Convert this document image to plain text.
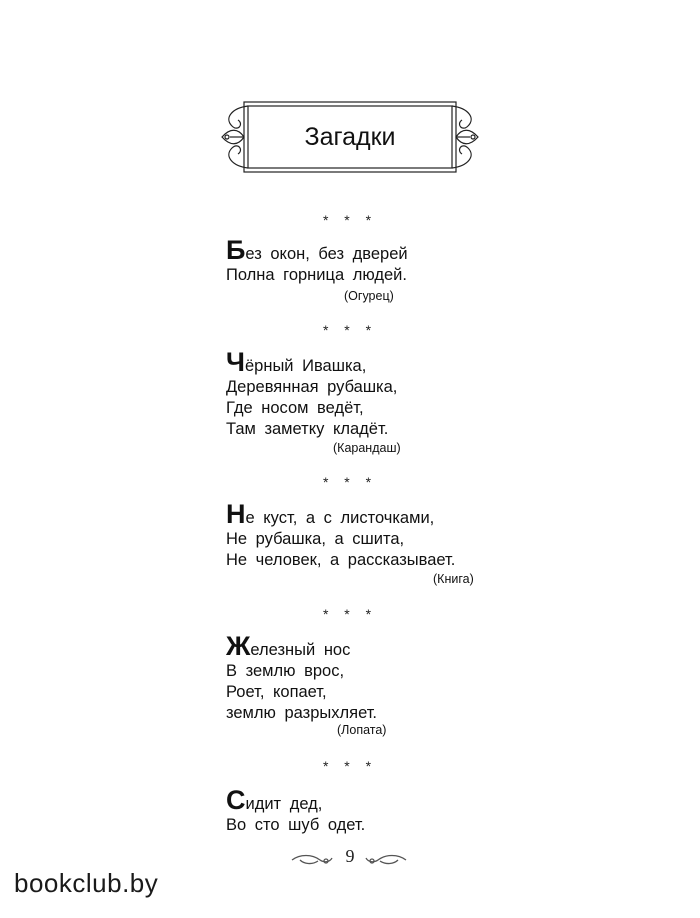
Загадки
* * *
Без окон, без дверей
Полна горница людей.
(Огурец)
* * *
Чёрный Ивашка,
Деревянная рубашка,
Где носом ведёт,
Там заметку кладёт.
(Карандаш)
* * *
Не куст, а с листочками,
Не рубашка, а сшита,
Не человек, а рассказывает.
(Книга)
* * *
Железный нос
В землю врос,
Роет, копает,
землю разрыхляет.
(Лопата)
* * *
Сидит дед,
Во сто шуб одет.
9
bookclub.by
